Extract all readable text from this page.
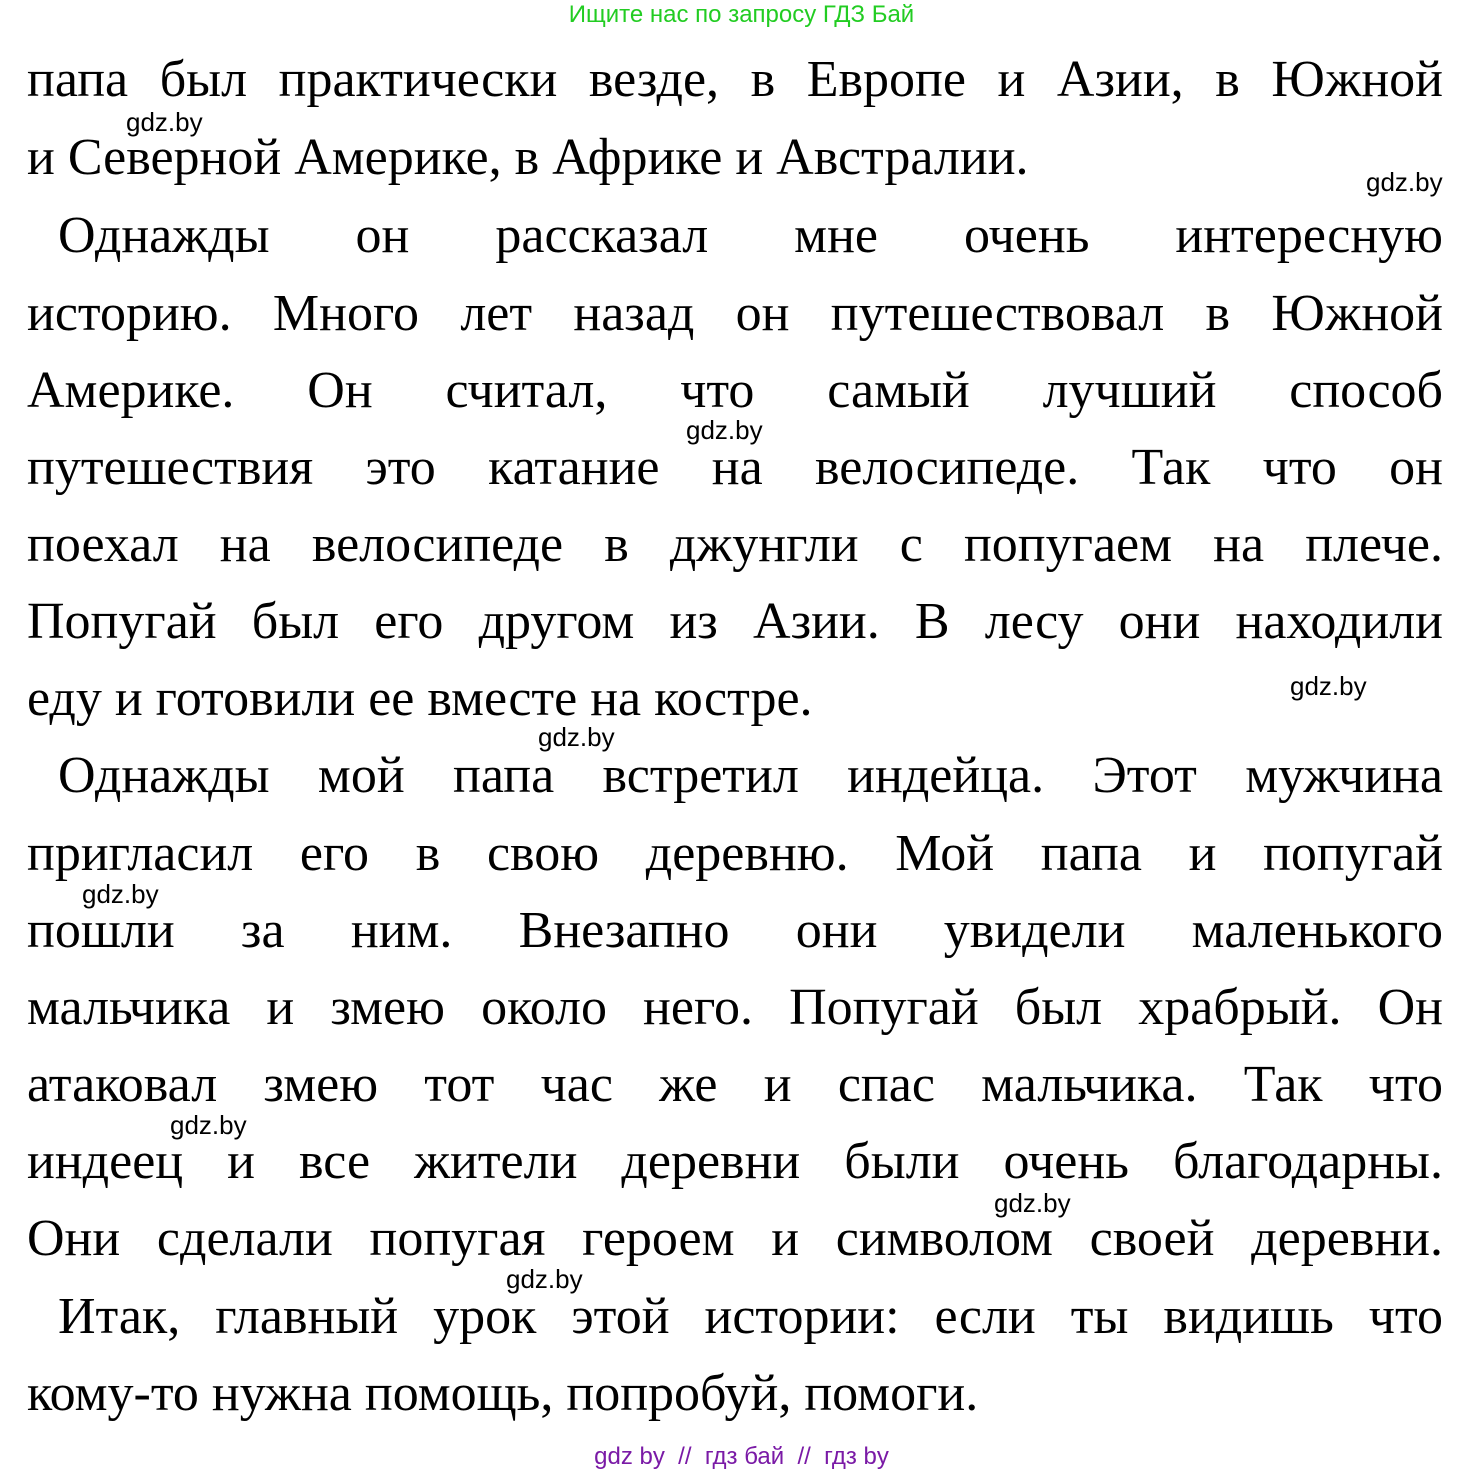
Ищите нас по запросу ГДЗ Бай
папа был практически везде, в Европе и Азии, в Южной
и Северной Америке, в Африке и Австралии.
Однажды он рассказал мне очень интересную
историю. Много лет назад он путешествовал в Южной
Америке. Он считал, что самый лучший способ
путешествия это катание на велосипеде. Так что он
поехал на велосипеде в джунгли с попугаем на плече.
Попугай был его другом из Азии. В лесу они находили
еду и готовили ее вместе на костре.
Однажды мой папа встретил индейца. Этот мужчина
пригласил его в свою деревню. Мой папа и попугай
пошли за ним. Внезапно они увидели маленького
мальчика и змею около него. Попугай был храбрый. Он
атаковал змею тот час же и спас мальчика. Так что
индеец и все жители деревни были очень благодарны.
Они сделали попугая героем и символом своей деревни.
Итак, главный урок этой истории: если ты видишь что
кому-то нужна помощь, попробуй, помоги.
gdz.by
gdz.by
gdz.by
gdz.by
gdz.by
gdz.by
gdz.by
gdz.by
gdz.by
gdz by  //  гдз бай  //  гдз by
